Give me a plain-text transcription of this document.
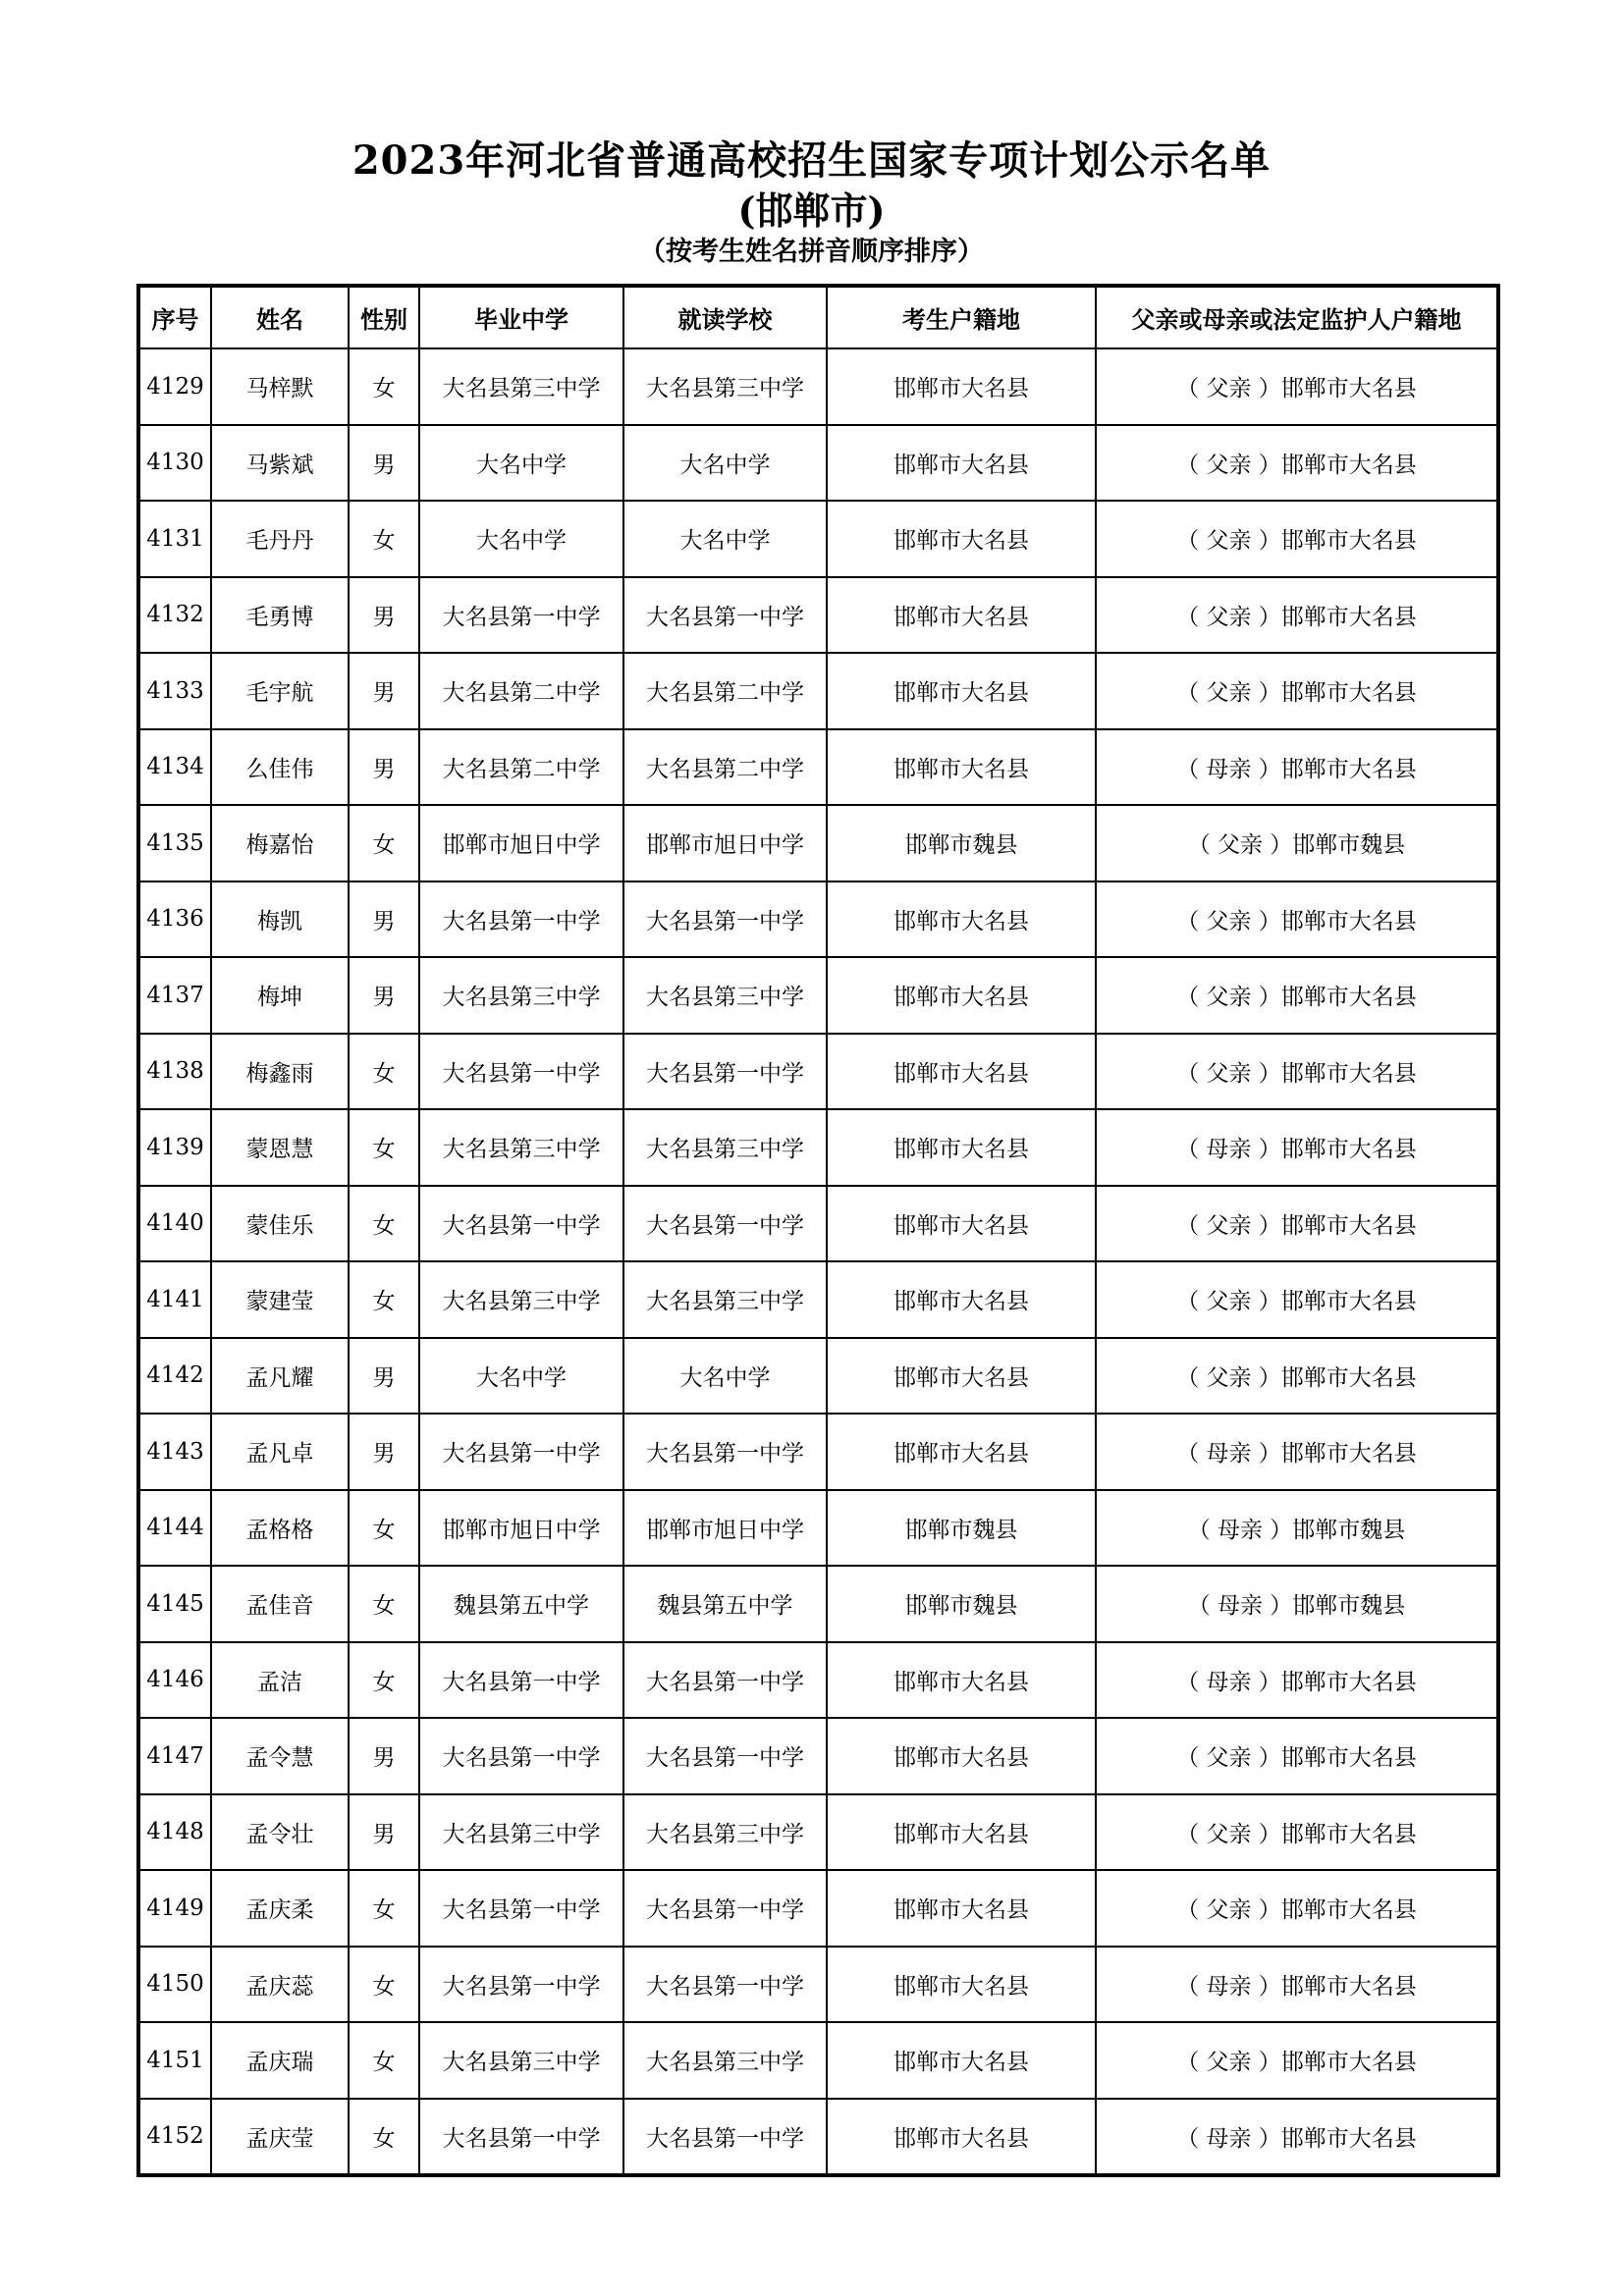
2023年河北省普通高校招生国家专项计划公示名单
(邯郸市)
（按考生姓名拼音顺序排序）
序号	姓名	性别	毕业中学	就读学校	考生户籍地	父亲或母亲或法定监护人户籍地
4129	马梓默	女	大名县第三中学	大名县第三中学	邯郸市大名县	（ 父亲 ）邯郸市大名县
4130	马紫斌	男	大名中学	大名中学	邯郸市大名县	（ 父亲 ）邯郸市大名县
4131	毛丹丹	女	大名中学	大名中学	邯郸市大名县	（ 父亲 ）邯郸市大名县
4132	毛勇博	男	大名县第一中学	大名县第一中学	邯郸市大名县	（ 父亲 ）邯郸市大名县
4133	毛宇航	男	大名县第二中学	大名县第二中学	邯郸市大名县	（ 父亲 ）邯郸市大名县
4134	么佳伟	男	大名县第二中学	大名县第二中学	邯郸市大名县	（ 母亲 ）邯郸市大名县
4135	梅嘉怡	女	邯郸市旭日中学	邯郸市旭日中学	邯郸市魏县	（ 父亲 ）邯郸市魏县
4136	梅凯	男	大名县第一中学	大名县第一中学	邯郸市大名县	（ 父亲 ）邯郸市大名县
4137	梅坤	男	大名县第三中学	大名县第三中学	邯郸市大名县	（ 父亲 ）邯郸市大名县
4138	梅鑫雨	女	大名县第一中学	大名县第一中学	邯郸市大名县	（ 父亲 ）邯郸市大名县
4139	蒙恩慧	女	大名县第三中学	大名县第三中学	邯郸市大名县	（ 母亲 ）邯郸市大名县
4140	蒙佳乐	女	大名县第一中学	大名县第一中学	邯郸市大名县	（ 父亲 ）邯郸市大名县
4141	蒙建莹	女	大名县第三中学	大名县第三中学	邯郸市大名县	（ 父亲 ）邯郸市大名县
4142	孟凡耀	男	大名中学	大名中学	邯郸市大名县	（ 父亲 ）邯郸市大名县
4143	孟凡卓	男	大名县第一中学	大名县第一中学	邯郸市大名县	（ 母亲 ）邯郸市大名县
4144	孟格格	女	邯郸市旭日中学	邯郸市旭日中学	邯郸市魏县	（ 母亲 ）邯郸市魏县
4145	孟佳音	女	魏县第五中学	魏县第五中学	邯郸市魏县	（ 母亲 ）邯郸市魏县
4146	孟洁	女	大名县第一中学	大名县第一中学	邯郸市大名县	（ 母亲 ）邯郸市大名县
4147	孟令慧	男	大名县第一中学	大名县第一中学	邯郸市大名县	（ 父亲 ）邯郸市大名县
4148	孟令壮	男	大名县第三中学	大名县第三中学	邯郸市大名县	（ 父亲 ）邯郸市大名县
4149	孟庆柔	女	大名县第一中学	大名县第一中学	邯郸市大名县	（ 父亲 ）邯郸市大名县
4150	孟庆蕊	女	大名县第一中学	大名县第一中学	邯郸市大名县	（ 母亲 ）邯郸市大名县
4151	孟庆瑞	女	大名县第三中学	大名县第三中学	邯郸市大名县	（ 父亲 ）邯郸市大名县
4152	孟庆莹	女	大名县第一中学	大名县第一中学	邯郸市大名县	（ 母亲 ）邯郸市大名县
